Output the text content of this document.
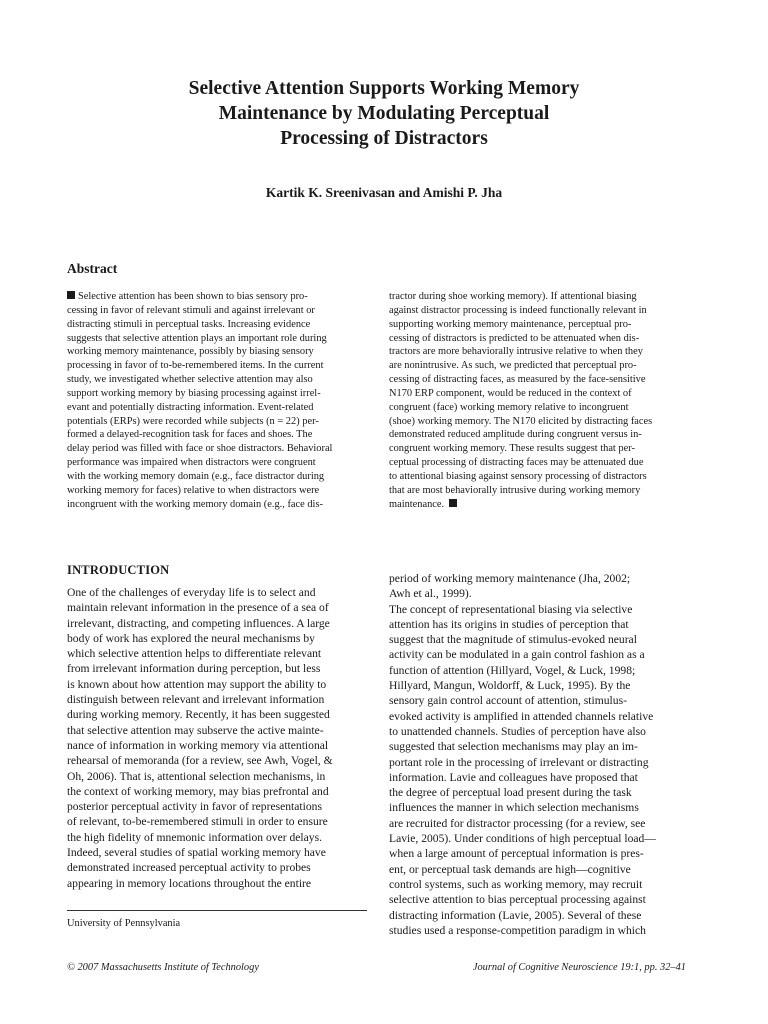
Selective Attention Supports Working Memory
Maintenance by Modulating Perceptual
Processing of Distractors
Kartik K. Sreenivasan and Amishi P. Jha
Abstract
Selective attention has been shown to bias sensory pro-
cessing in favor of relevant stimuli and against irrelevant or
distracting stimuli in perceptual tasks. Increasing evidence
suggests that selective attention plays an important role during
working memory maintenance, possibly by biasing sensory
processing in favor of to-be-remembered items. In the current
study, we investigated whether selective attention may also
support working memory by biasing processing against irrel-
evant and potentially distracting information. Event-related
potentials (ERPs) were recorded while subjects (n = 22) per-
formed a delayed-recognition task for faces and shoes. The
delay period was filled with face or shoe distractors. Behavioral
performance was impaired when distractors were congruent
with the working memory domain (e.g., face distractor during
working memory for faces) relative to when distractors were
incongruent with the working memory domain (e.g., face dis-
tractor during shoe working memory). If attentional biasing
against distractor processing is indeed functionally relevant in
supporting working memory maintenance, perceptual pro-
cessing of distractors is predicted to be attenuated when dis-
tractors are more behaviorally intrusive relative to when they
are nonintrusive. As such, we predicted that perceptual pro-
cessing of distracting faces, as measured by the face-sensitive
N170 ERP component, would be reduced in the context of
congruent (face) working memory relative to incongruent
(shoe) working memory. The N170 elicited by distracting faces
demonstrated reduced amplitude during congruent versus in-
congruent working memory. These results suggest that per-
ceptual processing of distracting faces may be attenuated due
to attentional biasing against sensory processing of distractors
that are most behaviorally intrusive during working memory
maintenance.
INTRODUCTION
One of the challenges of everyday life is to select and
maintain relevant information in the presence of a sea of
irrelevant, distracting, and competing influences. A large
body of work has explored the neural mechanisms by
which selective attention helps to differentiate relevant
from irrelevant information during perception, but less
is known about how attention may support the ability to
distinguish between relevant and irrelevant information
during working memory. Recently, it has been suggested
that selective attention may subserve the active mainte-
nance of information in working memory via attentional
rehearsal of memoranda (for a review, see Awh, Vogel, &
Oh, 2006). That is, attentional selection mechanisms, in
the context of working memory, may bias prefrontal and
posterior perceptual activity in favor of representations
of relevant, to-be-remembered stimuli in order to ensure
the high fidelity of mnemonic information over delays.
Indeed, several studies of spatial working memory have
demonstrated increased perceptual activity to probes
appearing in memory locations throughout the entire
period of working memory maintenance (Jha, 2002;
Awh et al., 1999).
The concept of representational biasing via selective
attention has its origins in studies of perception that
suggest that the magnitude of stimulus-evoked neural
activity can be modulated in a gain control fashion as a
function of attention (Hillyard, Vogel, & Luck, 1998;
Hillyard, Mangun, Woldorff, & Luck, 1995). By the
sensory gain control account of attention, stimulus-
evoked activity is amplified in attended channels relative
to unattended channels. Studies of perception have also
suggested that selection mechanisms may play an im-
portant role in the processing of irrelevant or distracting
information. Lavie and colleagues have proposed that
the degree of perceptual load present during the task
influences the manner in which selection mechanisms
are recruited for distractor processing (for a review, see
Lavie, 2005). Under conditions of high perceptual load—
when a large amount of perceptual information is pres-
ent, or perceptual task demands are high—cognitive
control systems, such as working memory, may recruit
selective attention to bias perceptual processing against
distracting information (Lavie, 2005). Several of these
studies used a response-competition paradigm in which
University of Pennsylvania
© 2007 Massachusetts Institute of Technology	Journal of Cognitive Neuroscience 19:1, pp. 32–41
